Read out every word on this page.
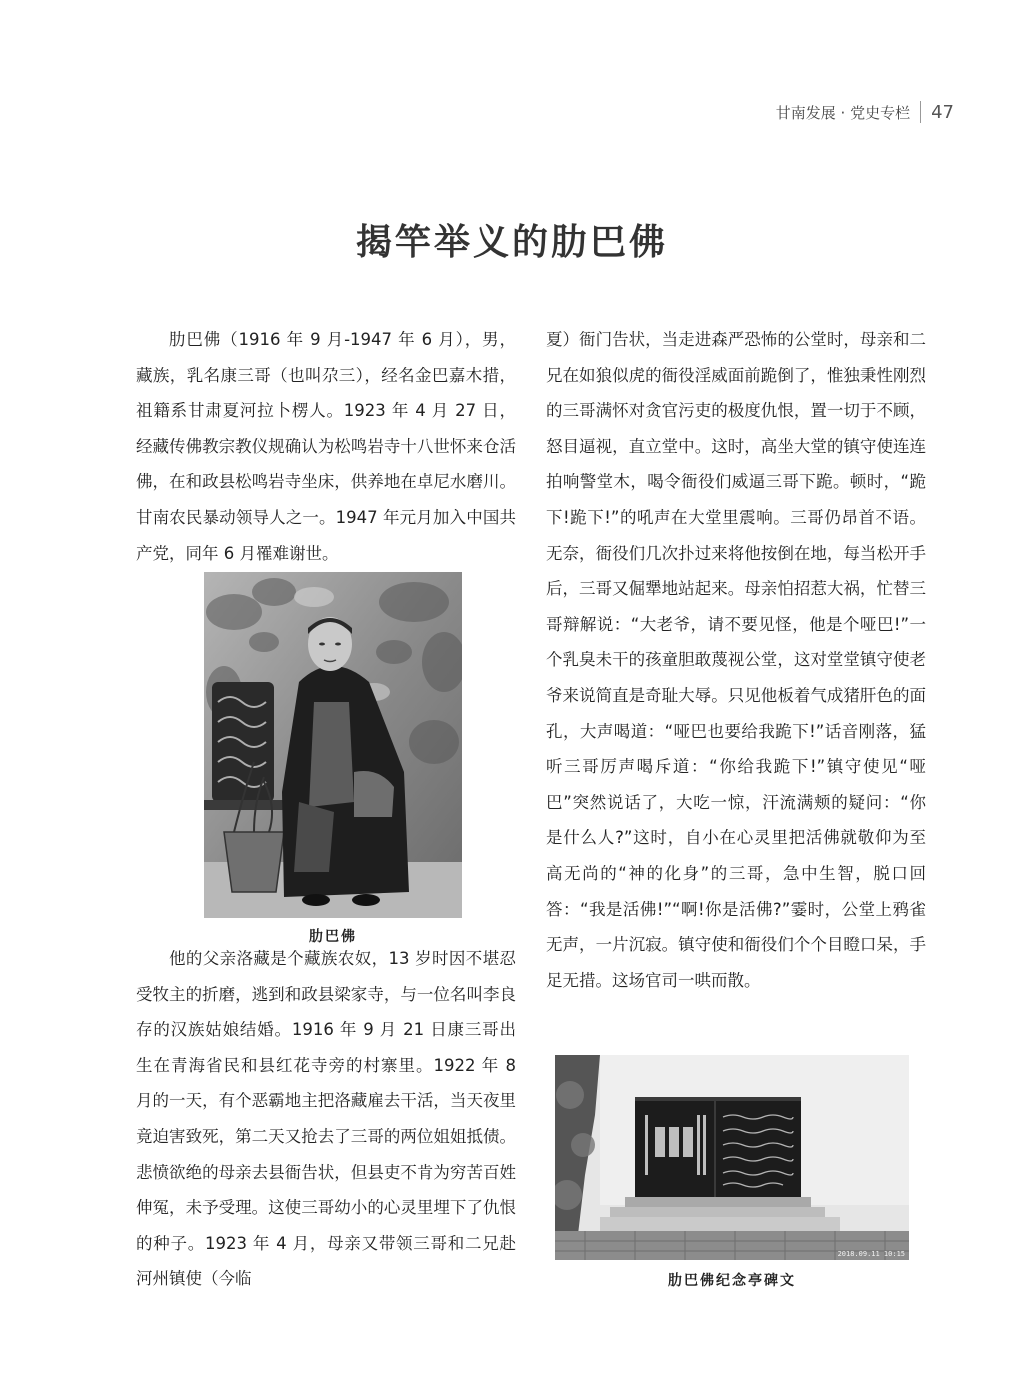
甘南发展 · 党史专栏 47
揭竿举义的肋巴佛

肋巴佛（1916 年 9 月-1947 年 6 月），男，藏族，乳名康三哥（也叫尕三），经名金巴嘉木措，祖籍系甘肃夏河拉卜楞人。1923 年 4 月 27 日，经藏传佛教宗教仪规确认为松鸣岩寺十八世怀来仓活佛，在和政县松鸣岩寺坐床，供养地在卓尼水磨川。甘南农民暴动领导人之一。1947 年元月加入中国共产党，同年 6 月罹难谢世。

肋巴佛

他的父亲洛藏是个藏族农奴，13 岁时因不堪忍受牧主的折磨，逃到和政县梁家寺，与一位名叫李良存的汉族姑娘结婚。1916 年 9 月 21 日康三哥出生在青海省民和县红花寺旁的村寨里。1922 年 8 月的一天，有个恶霸地主把洛藏雇去干活，当天夜里竟迫害致死，第二天又抢去了三哥的两位姐姐抵债。悲愤欲绝的母亲去县衙告状，但县吏不肯为穷苦百姓伸冤，未予受理。这使三哥幼小的心灵里埋下了仇恨的种子。1923 年 4 月，母亲又带领三哥和二兄赴河州镇使（今临

夏）衙门告状，当走进森严恐怖的公堂时，母亲和二兄在如狼似虎的衙役淫威面前跪倒了，惟独秉性刚烈的三哥满怀对贪官污吏的极度仇恨，置一切于不顾，怒目逼视，直立堂中。这时，高坐大堂的镇守使连连拍响警堂木，喝令衙役们威逼三哥下跪。顿时，“跪下!跪下!”的吼声在大堂里震响。三哥仍昂首不语。无奈，衙役们几次扑过来将他按倒在地，每当松开手后，三哥又倔犟地站起来。母亲怕招惹大祸，忙替三哥辩解说：“大老爷，请不要见怪，他是个哑巴!”一个乳臭未干的孩童胆敢蔑视公堂，这对堂堂镇守使老爷来说简直是奇耻大辱。只见他板着气成猪肝色的面孔，大声喝道：“哑巴也要给我跪下!”话音刚落，猛听三哥厉声喝斥道：“你给我跪下!”镇守使见“哑巴”突然说话了，大吃一惊，汗流满颊的疑问：“你是什么人?”这时，自小在心灵里把活佛就敬仰为至高无尚的“神的化身”的三哥，急中生智，脱口回答：“我是活佛!”“啊!你是活佛?”霎时，公堂上鸦雀无声，一片沉寂。镇守使和衙役们个个目瞪口呆，手足无措。这场官司一哄而散。

2018.09.11 10:15
肋巴佛纪念亭碑文
